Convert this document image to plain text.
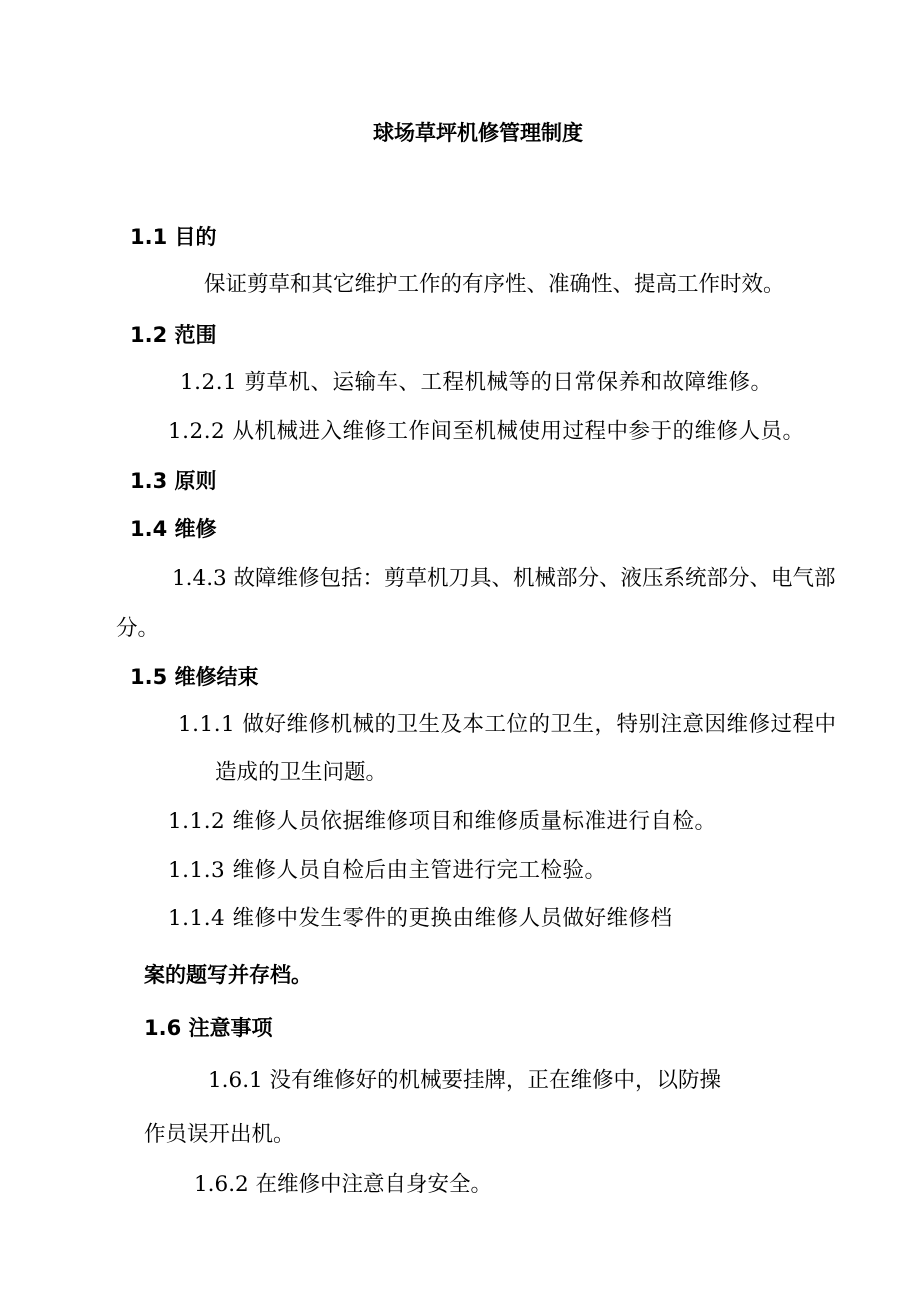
球场草坪机修管理制度
1.1 目的
保证剪草和其它维护工作的有序性、准确性、提高工作时效。
1.2 范围
1.2.1 剪草机、运输车、工程机械等的日常保养和故障维修。
1.2.2 从机械进入维修工作间至机械使用过程中参于的维修人员。
1.3 原则
1.4 维修
1.4.3 故障维修包括：剪草机刀具、机械部分、液压系统部分、电气部
分。
1.5 维修结束
1.1.1 做好维修机械的卫生及本工位的卫生，特别注意因维修过程中
造成的卫生问题。
1.1.2 维修人员依据维修项目和维修质量标准进行自检。
1.1.3 维修人员自检后由主管进行完工检验。
1.1.4 维修中发生零件的更换由维修人员做好维修档
案的题写并存档。
1.6 注意事项
1.6.1 没有维修好的机械要挂牌，正在维修中，以防操
作员误开出机。
1.6.2 在维修中注意自身安全。
